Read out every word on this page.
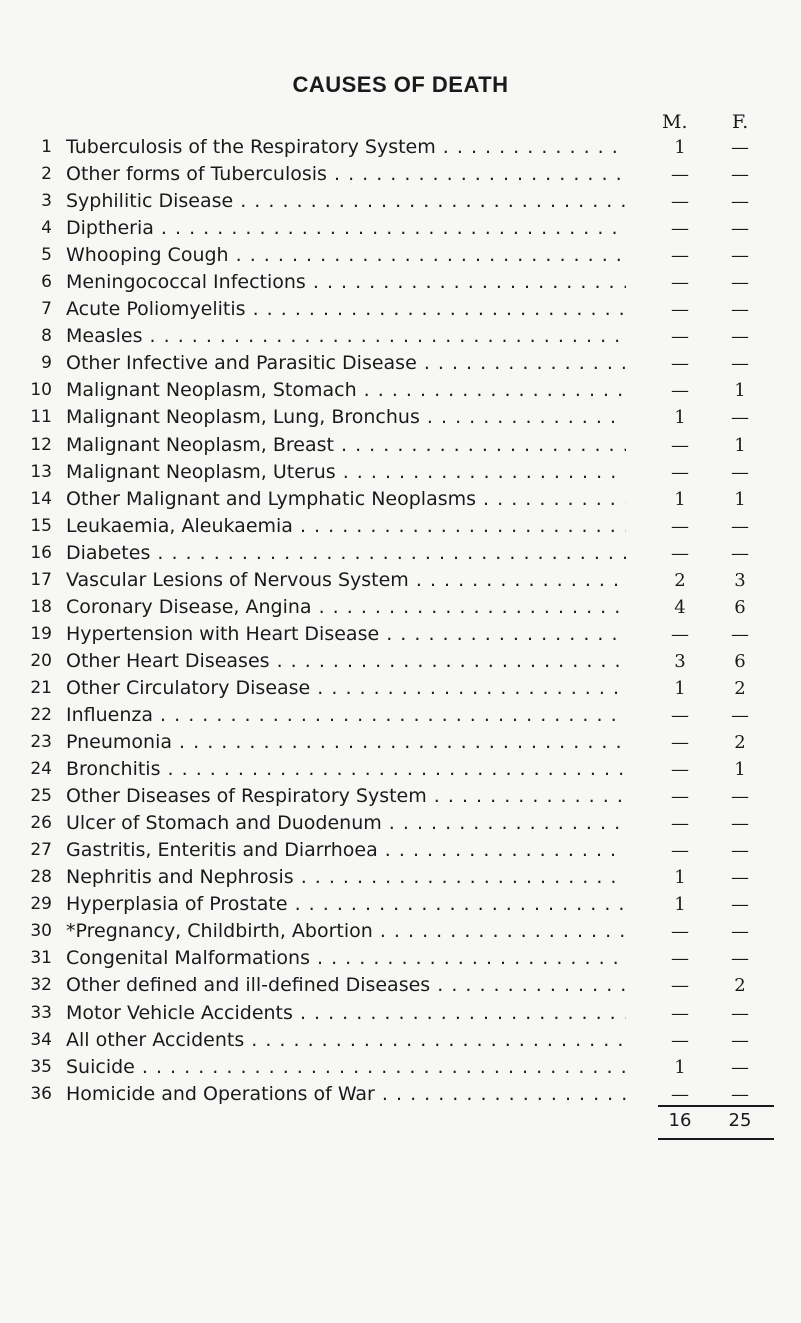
CAUSES OF DEATH
M. F.
1 Tuberculosis of the Respiratory System . . .	1	—
2 Other forms of Tuberculosis . . .	—	—
3 Syphilitic Disease . . .	—	—
4 Diptheria . . .	—	—
5 Whooping Cough . . .	—	—
6 Meningococcal Infections . . .	—	—
7 Acute Poliomyelitis . . .	—	—
8 Measles . . .	—	—
9 Other Infective and Parasitic Disease . . .	—	—
10 Malignant Neoplasm, Stomach . . .	—	1
11 Malignant Neoplasm, Lung, Bronchus . . .	1	—
12 Malignant Neoplasm, Breast . . .	—	1
13 Malignant Neoplasm, Uterus . . .	—	—
14 Other Malignant and Lymphatic Neoplasms . . .	1	1
15 Leukaemia, Aleukaemia . . .	—	—
16 Diabetes . . .	—	—
17 Vascular Lesions of Nervous System . . .	2	3
18 Coronary Disease, Angina . . .	4	6
19 Hypertension with Heart Disease . . .	—	—
20 Other Heart Diseases . . .	3	6
21 Other Circulatory Disease . . .	1	2
22 Influenza . . .	—	—
23 Pneumonia . . .	—	2
24 Bronchitis . . .	—	1
25 Other Diseases of Respiratory System . . .	—	—
26 Ulcer of Stomach and Duodenum . . .	—	—
27 Gastritis, Enteritis and Diarrhoea . . .	—	—
28 Nephritis and Nephrosis . . .	1	—
29 Hyperplasia of Prostate . . .	1	—
30 *Pregnancy, Childbirth, Abortion . . .	—	—
31 Congenital Malformations . . .	—	—
32 Other defined and ill-defined Diseases . . .	—	2
33 Motor Vehicle Accidents . . .	—	—
34 All other Accidents . . .	—	—
35 Suicide . . .	1	—
36 Homicide and Operations of War . . .	—	—
16	25
